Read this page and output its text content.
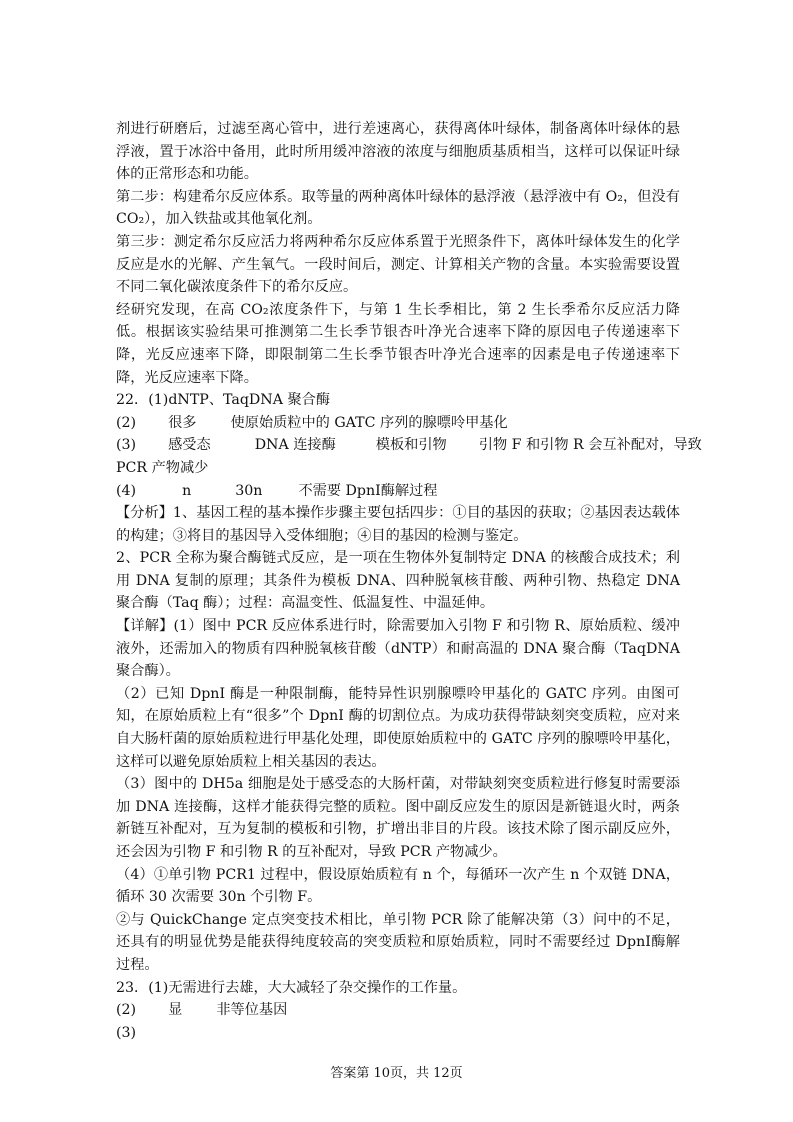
剂进行研磨后，过滤至离心管中，进行差速离心，获得离体叶绿体，制备离体叶绿体的悬浮液，置于冰浴中备用，此时所用缓冲溶液的浓度与细胞质基质相当，这样可以保证叶绿体的正常形态和功能。

第二步：构建希尔反应体系。取等量的两种离体叶绿体的悬浮液（悬浮液中有 O₂，但没有 CO₂），加入铁盐或其他氧化剂。

第三步：测定希尔反应活力将两种希尔反应体系置于光照条件下，离体叶绿体发生的化学反应是水的光解、产生氧气。一段时间后，测定、计算相关产物的含量。本实验需要设置不同二氧化碳浓度条件下的希尔反应。

经研究发现，在高 CO₂浓度条件下，与第 1 生长季相比，第 2 生长季希尔反应活力降低。根据该实验结果可推测第二生长季节银杏叶净光合速率下降的原因电子传递速率下降，光反应速率下降，即限制第二生长季节银杏叶净光合速率的因素是电子传递速率下降，光反应速率下降。

22．(1)dNTP、TaqDNA 聚合酶

(2) 很多 使原始质粒中的 GATC 序列的腺嘌呤甲基化

(3) 感受态	DNA 连接酶	模板和引物 引物 F 和引物 R 会互补配对，导致

PCR 产物减少

(4)	n	30n	不需要 DpnI酶解过程

【分析】1、基因工程的基本操作步骤主要包括四步：①目的基因的获取；②基因表达载体的构建；③将目的基因导入受体细胞；④目的基因的检测与鉴定。

2、PCR 全称为聚合酶链式反应，是一项在生物体外复制特定 DNA 的核酸合成技术；利用 DNA 复制的原理；其条件为模板 DNA、四种脱氧核苷酸、两种引物、热稳定 DNA 聚合酶（Taq 酶）；过程：高温变性、低温复性、中温延伸。

【详解】(1）图中 PCR 反应体系进行时，除需要加入引物 F 和引物 R、原始质粒、缓冲液外，还需加入的物质有四种脱氧核苷酸（dNTP）和耐高温的 DNA 聚合酶（TaqDNA 聚合酶）。

（2）已知 DpnI 酶是一种限制酶，能特异性识别腺嘌呤甲基化的 GATC 序列。由图可知，在原始质粒上有“很多”个 DpnI 酶的切割位点。为成功获得带缺刻突变质粒，应对来自大肠杆菌的原始质粒进行甲基化处理，即使原始质粒中的 GATC 序列的腺嘌呤甲基化，这样可以避免原始质粒上相关基因的表达。

（3）图中的 DH5a 细胞是处于感受态的大肠杆菌，对带缺刻突变质粒进行修复时需要添加 DNA 连接酶，这样才能获得完整的质粒。图中副反应发生的原因是新链退火时，两条新链互补配对，互为复制的模板和引物，扩增出非目的片段。该技术除了图示副反应外，还会因为引物 F 和引物 R 的互补配对，导致 PCR 产物减少。

（4）①单引物 PCR1 过程中，假设原始质粒有 n 个，每循环一次产生 n 个双链 DNA，循环 30 次需要 30n 个引物 F。

②与 QuickChange 定点突变技术相比，单引物 PCR 除了能解决第（3）问中的不足，还具有的明显优势是能获得纯度较高的突变质粒和原始质粒，同时不需要经过 DpnI酶解过程。

23．(1)无需进行去雄，大大减轻了杂交操作的工作量。

(2) 显 非等位基因

(3)

答案第 10页，共 12页
